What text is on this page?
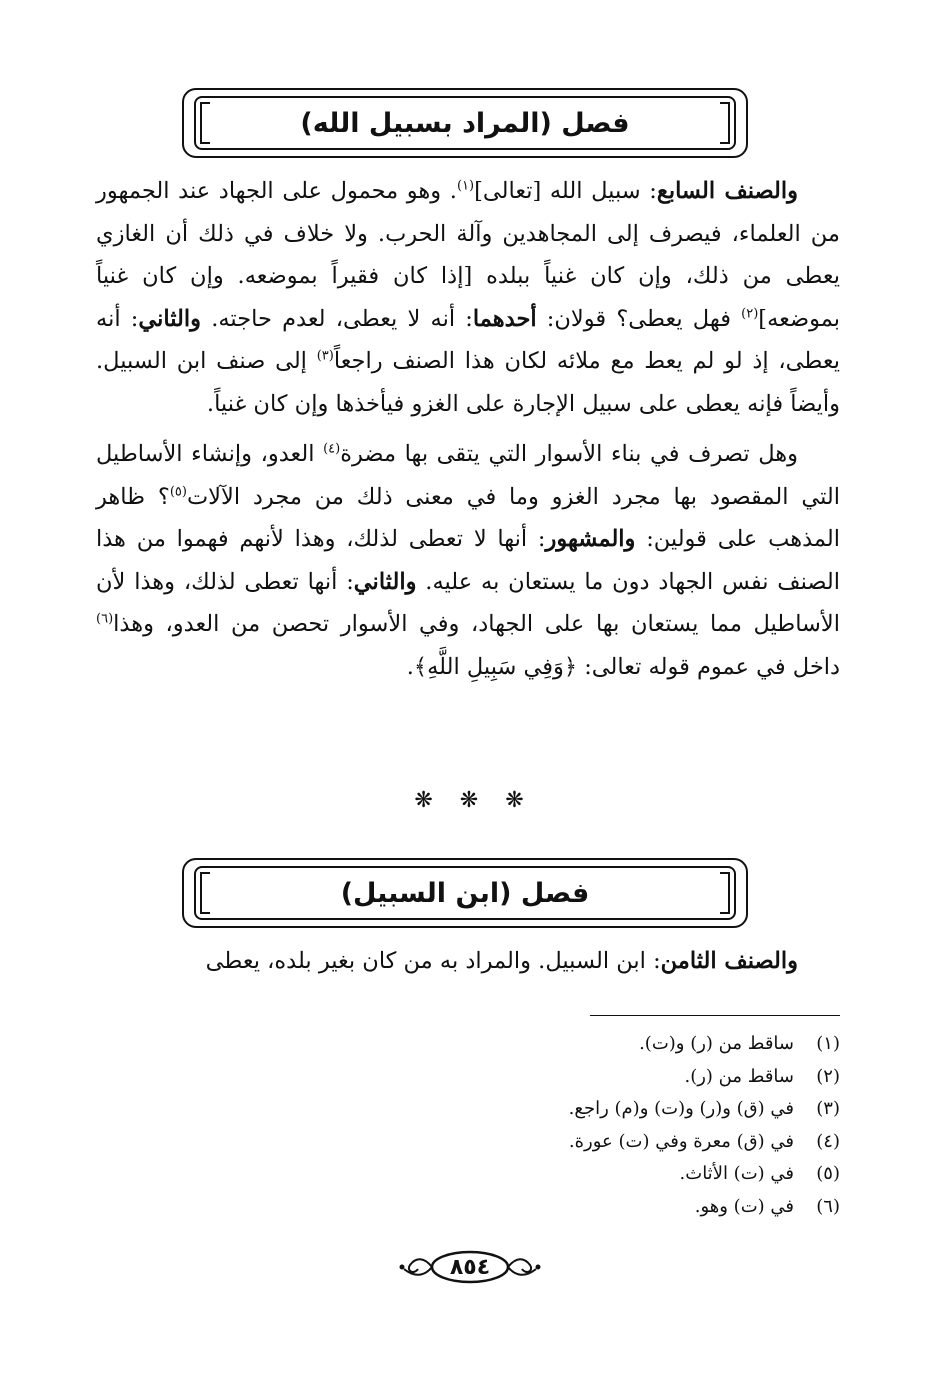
فصل (المراد بسبيل الله)

والصنف السابع: سبيل الله [تعالى]$^{(١)}$. وهو محمول على الجهاد عند الجمهور من العلماء، فيصرف إلى المجاهدين وآلة الحرب. ولا خلاف في ذلك أن الغازي يعطى من ذلك، وإن كان غنياً ببلده [إذا كان فقيراً بموضعه. وإن كان غنياً بموضعه]$^{(٢)}$ فهل يعطى؟ قولان: أحدهما: أنه لا يعطى، لعدم حاجته. والثاني: أنه يعطى، إذ لو لم يعط مع ملائه لكان هذا الصنف راجعاً$^{(٣)}$ إلى صنف ابن السبيل. وأيضاً فإنه يعطى على سبيل الإجارة على الغزو فيأخذها وإن كان غنياً.

وهل تصرف في بناء الأسوار التي يتقى بها مضرة$^{(٤)}$ العدو، وإنشاء الأساطيل التي المقصود بها مجرد الغزو وما في معنى ذلك من مجرد الآلات$^{(٥)}$؟ ظاهر المذهب على قولين: والمشهور: أنها لا تعطى لذلك، وهذا لأنهم فهموا من هذا الصنف نفس الجهاد دون ما يستعان به عليه. والثاني: أنها تعطى لذلك، وهذا لأن الأساطيل مما يستعان بها على الجهاد، وفي الأسوار تحصن من العدو، وهذا$^{(٦)}$ داخل في عموم قوله تعالى: ﴿وَفِي سَبِيلِ اللَّهِ﴾.

❋ ❋ ❋
فصل (ابن السبيل)

والصنف الثامن: ابن السبيل. والمراد به من كان بغير بلده، يعطى

(١)ساقط من (ر) و(ت).
(٢)ساقط من (ر).
(٣)في (ق) و(ر) و(ت) و(م) راجع.
(٤)في (ق) معرة وفي (ت) عورة.
(٥)في (ت) الأثاث.
(٦)في (ت) وهو.
٨٥٤
